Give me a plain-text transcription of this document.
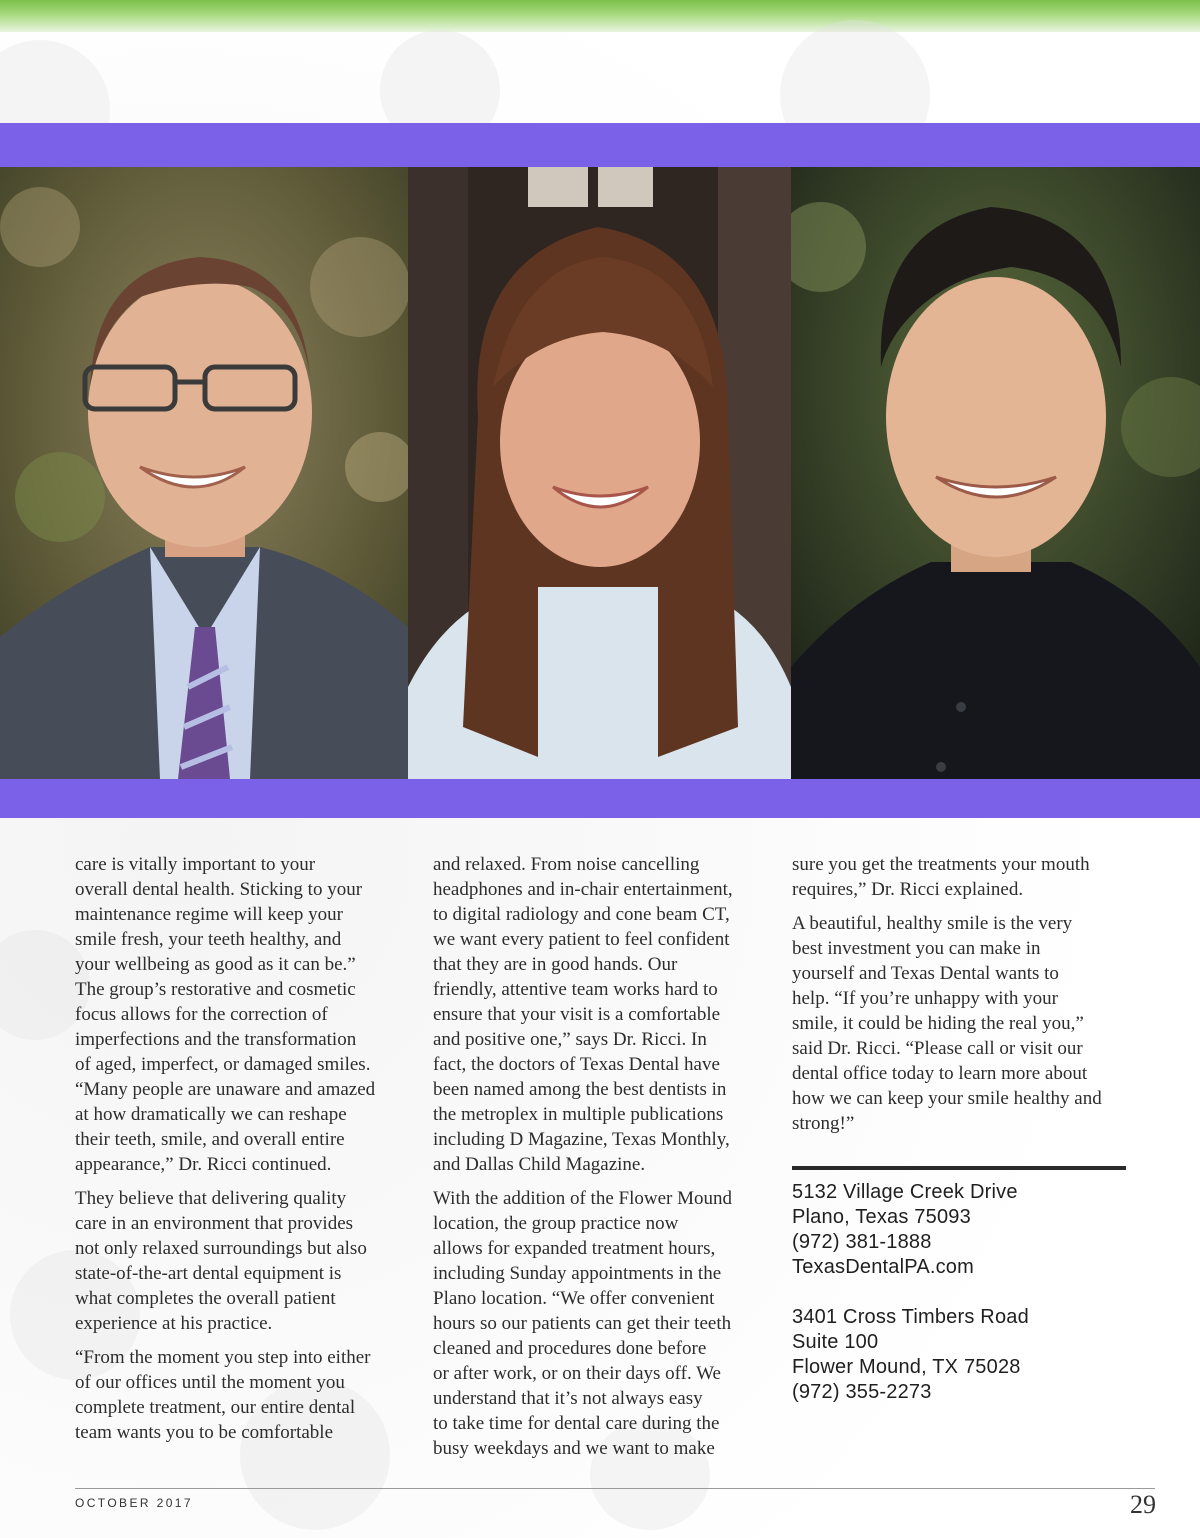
care is vitally important to your
overall dental health. Sticking to your
maintenance regime will keep your
smile fresh, your teeth healthy, and
your wellbeing as good as it can be.”
The group’s restorative and cosmetic
focus allows for the correction of
imperfections and the transformation
of aged, imperfect, or damaged smiles.
“Many people are unaware and amazed
at how dramatically we can reshape
their teeth, smile, and overall entire
appearance,” Dr. Ricci continued.

They believe that delivering quality
care in an environment that provides
not only relaxed surroundings but also
state-of-the-art dental equipment is
what completes the overall patient
experience at his practice.

“From the moment you step into either
of our offices until the moment you
complete treatment, our entire dental
team wants you to be comfortable

and relaxed. From noise cancelling
headphones and in-chair entertainment,
to digital radiology and cone beam CT,
we want every patient to feel confident
that they are in good hands. Our
friendly, attentive team works hard to
ensure that your visit is a comfortable
and positive one,” says Dr. Ricci. In
fact, the doctors of Texas Dental have
been named among the best dentists in
the metroplex in multiple publications
including D Magazine, Texas Monthly,
and Dallas Child Magazine.

With the addition of the Flower Mound
location, the group practice now
allows for expanded treatment hours,
including Sunday appointments in the
Plano location. “We offer convenient
hours so our patients can get their teeth
cleaned and procedures done before
or after work, or on their days off. We
understand that it’s not always easy
to take time for dental care during the
busy weekdays and we want to make

sure you get the treatments your mouth
requires,” Dr. Ricci explained.

A beautiful, healthy smile is the very
best investment you can make in
yourself and Texas Dental wants to
help. “If you’re unhappy with your
smile, it could be hiding the real you,”
said Dr. Ricci. “Please call or visit our
dental office today to learn more about
how we can keep your smile healthy and
strong!”

5132 Village Creek Drive
Plano, Texas 75093
(972) 381-1888
TexasDentalPA.com
3401 Cross Timbers Road
Suite 100
Flower Mound, TX 75028
(972) 355-2273
OCTOBER 2017	29
